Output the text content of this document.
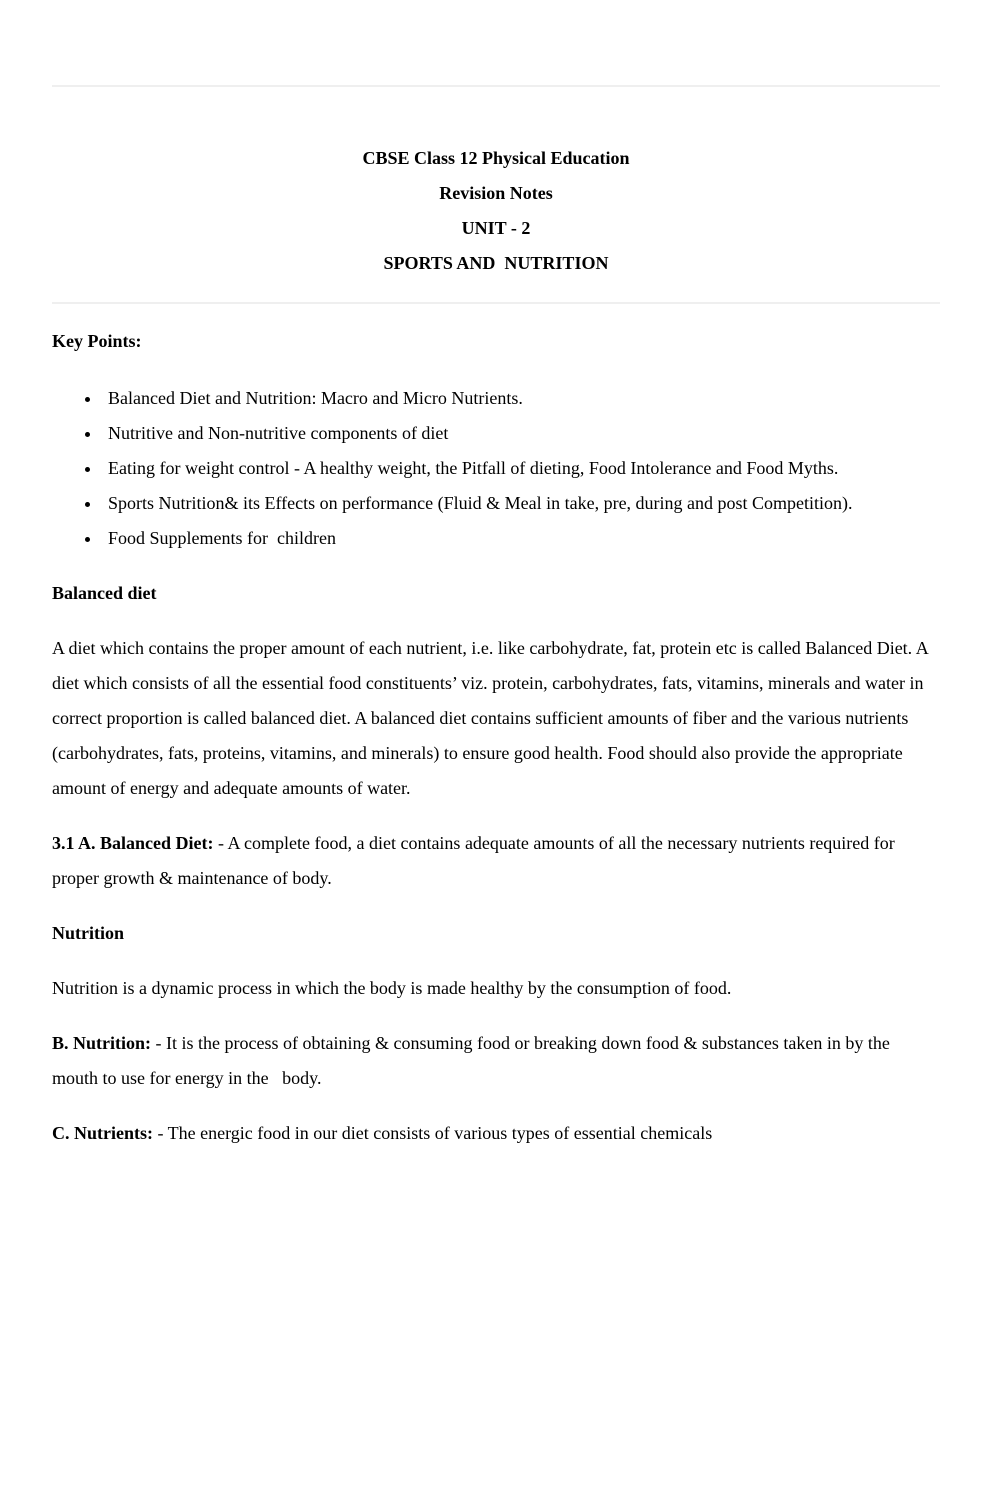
CBSE Class 12 Physical Education

Revision Notes

UNIT - 2

SPORTS AND  NUTRITION

Key Points:
• Balanced Diet and Nutrition: Macro and Micro Nutrients.
• Nutritive and Non-nutritive components of diet
• Eating for weight control - A healthy weight, the Pitfall of dieting, Food Intolerance and Food Myths.
• Sports Nutrition& its Effects on performance (Fluid & Meal in take, pre, during and post Competition).
• Food Supplements for  children
Balanced diet

A diet which contains the proper amount of each nutrient, i.e. like carbohydrate, fat, protein etc is called Balanced Diet. A diet which consists of all the essential food constituents’ viz. protein, carbohydrates, fats, vitamins, minerals and water in correct proportion is called balanced diet. A balanced diet contains sufficient amounts of fiber and the various nutrients (carbohydrates, fats, proteins, vitamins, and minerals) to ensure good health. Food should also provide the appropriate amount of energy and adequate amounts of water.

3.1 A. Balanced Diet: - A complete food, a diet contains adequate amounts of all the necessary nutrients required for proper growth & maintenance of body.

Nutrition

Nutrition is a dynamic process in which the body is made healthy by the consumption of food.

B. Nutrition: - It is the process of obtaining & consuming food or breaking down food & substances taken in by the mouth to use for energy in the   body.

C. Nutrients: - The energic food in our diet consists of various types of essential chemicals
